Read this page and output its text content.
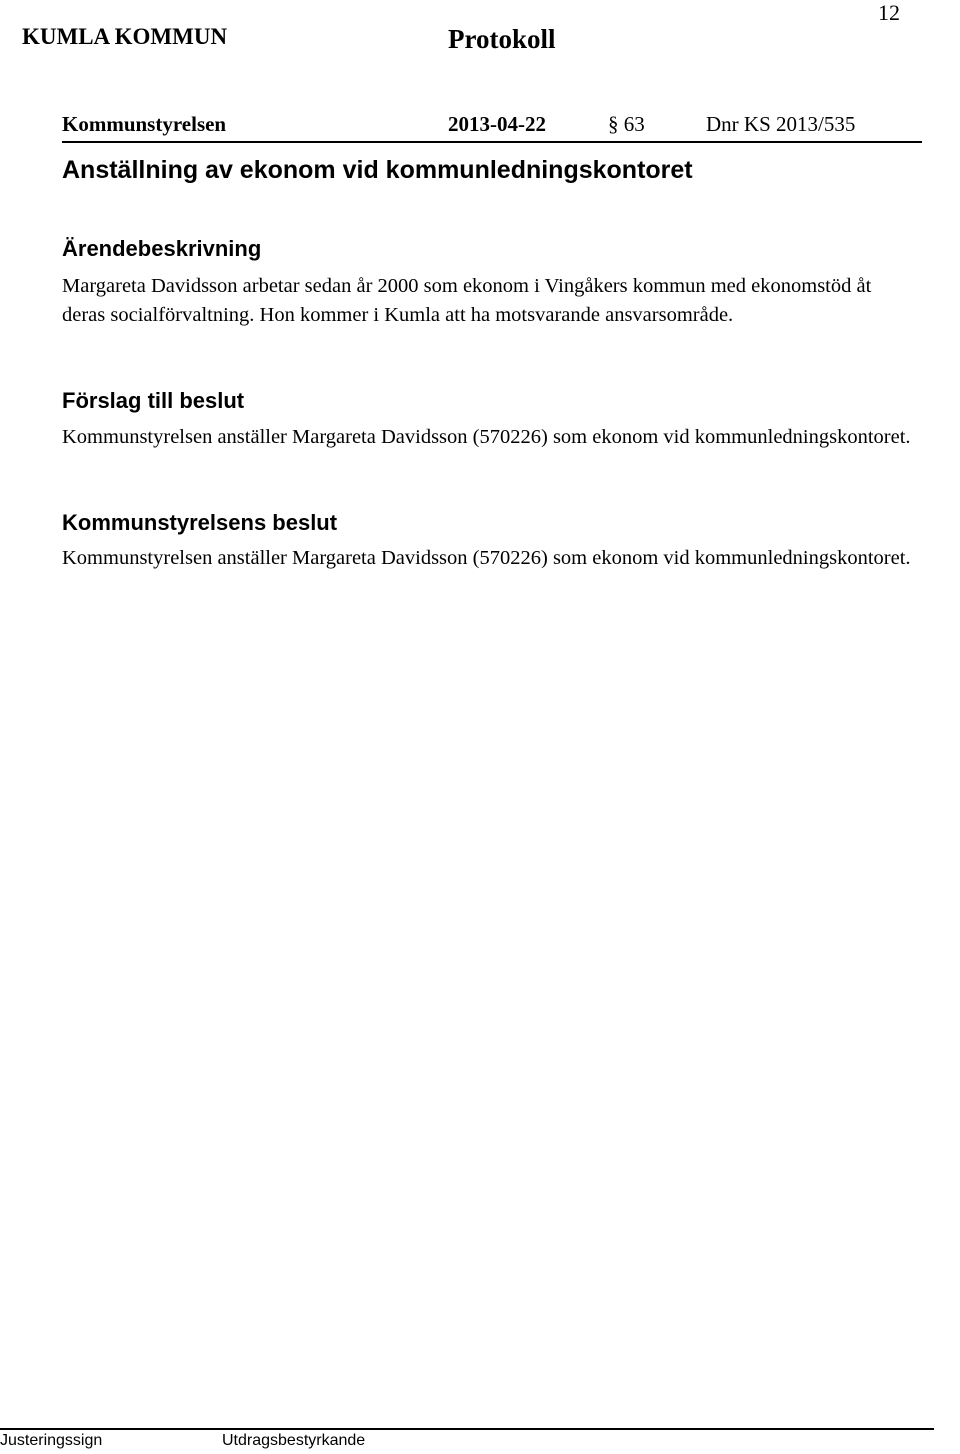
12
KUMLA KOMMUN	Protokoll
Kommunstyrelsen	2013-04-22	§ 63	Dnr KS 2013/535
Anställning av ekonom vid kommunledningskontoret
Ärendebeskrivning
Margareta Davidsson arbetar sedan år 2000 som ekonom i Vingåkers kommun med ekonomstöd åt deras socialförvaltning. Hon kommer i Kumla att ha motsvarande ansvarsområde.
Förslag till beslut
Kommunstyrelsen anställer Margareta Davidsson (570226) som ekonom vid kommunledningskontoret.
Kommunstyrelsens beslut
Kommunstyrelsen anställer Margareta Davidsson (570226) som ekonom vid kommunledningskontoret.
Justeringssign	Utdragsbestyrkande
